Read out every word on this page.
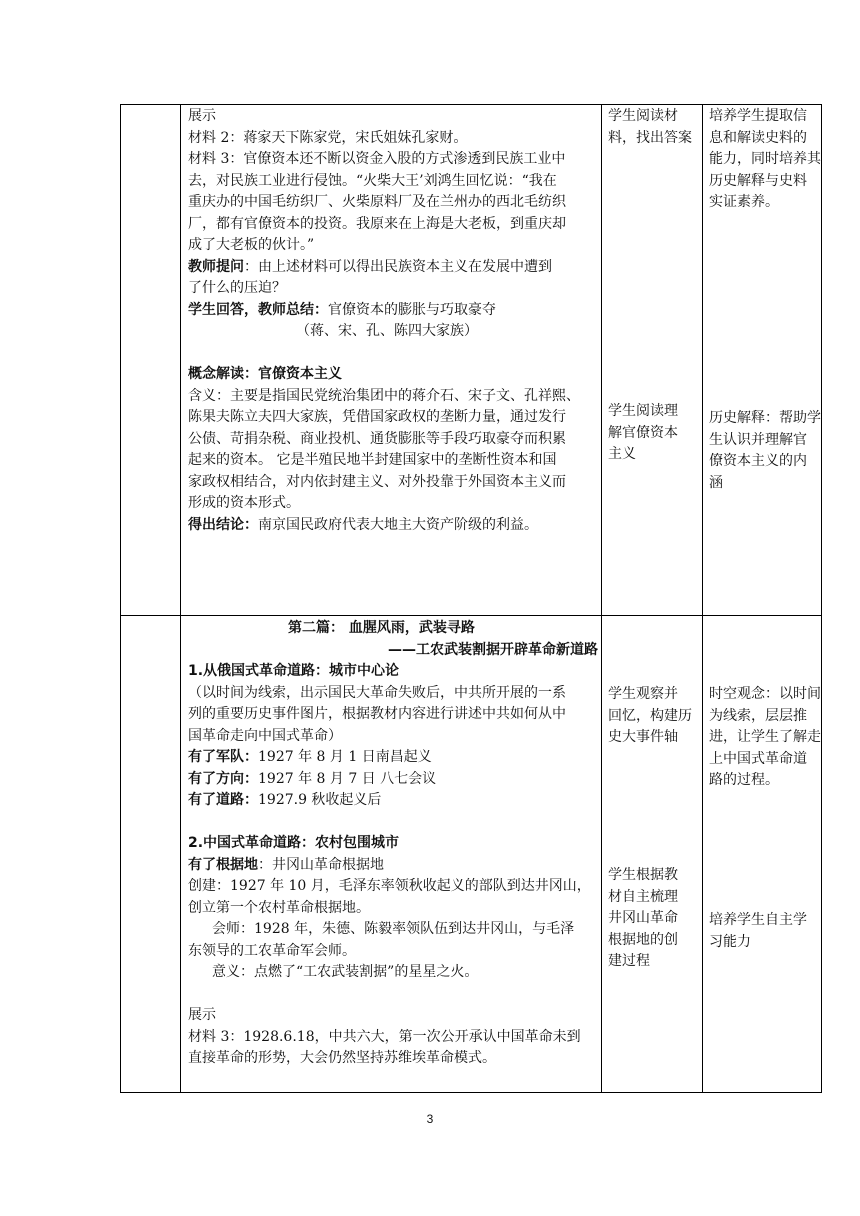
展示

材料 2：蒋家天下陈家党，宋氏姐妹孔家财。

材料 3：官僚资本还不断以资金入股的方式渗透到民族工业中

去，对民族工业进行侵蚀。“火柴大王’刘鸿生回忆说：“我在

重庆办的中国毛纺织厂、火柴原料厂及在兰州办的西北毛纺织

厂，都有官僚资本的投资。我原来在上海是大老板，到重庆却

成了大老板的伙计。”

教师提问：由上述材料可以得出民族资本主义在发展中遭到

了什么的压迫？

学生回答，教师总结：官僚资本的膨胀与巧取豪夺

（蒋、宋、孔、陈四大家族）

概念解读：官僚资本主义

含义：主要是指国民党统治集团中的蒋介石、宋子文、孔祥熙、

陈果夫陈立夫四大家族，凭借国家政权的垄断力量，通过发行

公债、苛捐杂税、商业投机、通货膨胀等手段巧取豪夺而积累

起来的资本。 它是半殖民地半封建国家中的垄断性资本和国

家政权相结合，对内依封建主义、对外投靠于外国资本主义而

形成的资本形式。

得出结论：南京国民政府代表大地主大资产阶级的利益。

学生阅读材

料，找出答案

学生阅读理

解官僚资本

主义

培养学生提取信

息和解读史料的

能力，同时培养其

历史解释与史料

实证素养。

历史解释：帮助学

生认识并理解官

僚资本主义的内

涵

第二篇： 血腥风雨，武装寻路

——工农武装割据开辟革命新道路

1.从俄国式革命道路：城市中心论

（以时间为线索，出示国民大革命失败后，中共所开展的一系

列的重要历史事件图片，根据教材内容进行讲述中共如何从中

国革命走向中国式革命）

有了军队：1927 年 8 月 1 日南昌起义

有了方向：1927 年 8 月 7 日 八七会议

有了道路：1927.9 秋收起义后

2.中国式革命道路：农村包围城市

有了根据地：井冈山革命根据地

创建：1927 年 10 月，毛泽东率领秋收起义的部队到达井冈山，

创立第一个农村革命根据地。

会师：1928 年，朱德、陈毅率领队伍到达井冈山，与毛泽

东领导的工农革命军会师。

意义：点燃了“工农武装割据”的星星之火。

展示

材料 3：1928.6.18，中共六大，第一次公开承认中国革命未到

直接革命的形势，大会仍然坚持苏维埃革命模式。

学生观察并

回忆，构建历

史大事件轴

学生根据教

材自主梳理

井冈山革命

根据地的创

建过程

时空观念：以时间

为线索，层层推

进，让学生了解走

上中国式革命道

路的过程。

培养学生自主学

习能力

3
